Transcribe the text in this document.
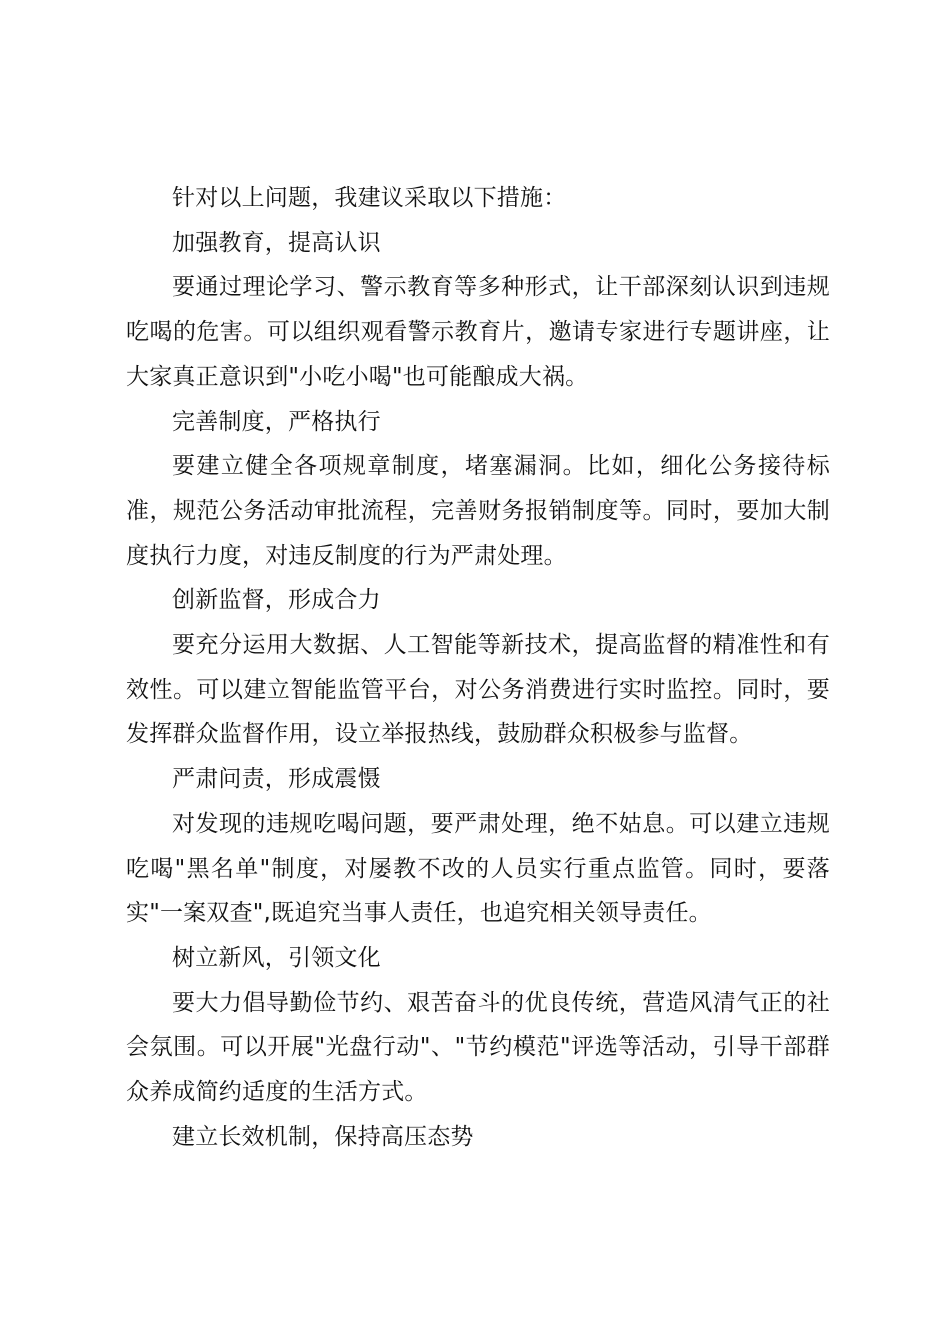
针对以上问题，我建议采取以下措施：

加强教育，提高认识

要通过理论学习、警示教育等多种形式，让干部深刻认识到违规吃喝的危害。可以组织观看警示教育片，邀请专家进行专题讲座，让大家真正意识到"小吃小喝"也可能酿成大祸。

完善制度，严格执行

要建立健全各项规章制度，堵塞漏洞。比如，细化公务接待标准，规范公务活动审批流程，完善财务报销制度等。同时，要加大制度执行力度，对违反制度的行为严肃处理。

创新监督，形成合力

要充分运用大数据、人工智能等新技术，提高监督的精准性和有效性。可以建立智能监管平台，对公务消费进行实时监控。同时，要发挥群众监督作用，设立举报热线，鼓励群众积极参与监督。

严肃问责，形成震慑

对发现的违规吃喝问题，要严肃处理，绝不姑息。可以建立违规吃喝"黑名单"制度，对屡教不改的人员实行重点监管。同时，要落实"一案双查",既追究当事人责任，也追究相关领导责任。

树立新风，引领文化

要大力倡导勤俭节约、艰苦奋斗的优良传统，营造风清气正的社会氛围。可以开展"光盘行动"、"节约模范"评选等活动，引导干部群众养成简约适度的生活方式。

建立长效机制，保持高压态势
